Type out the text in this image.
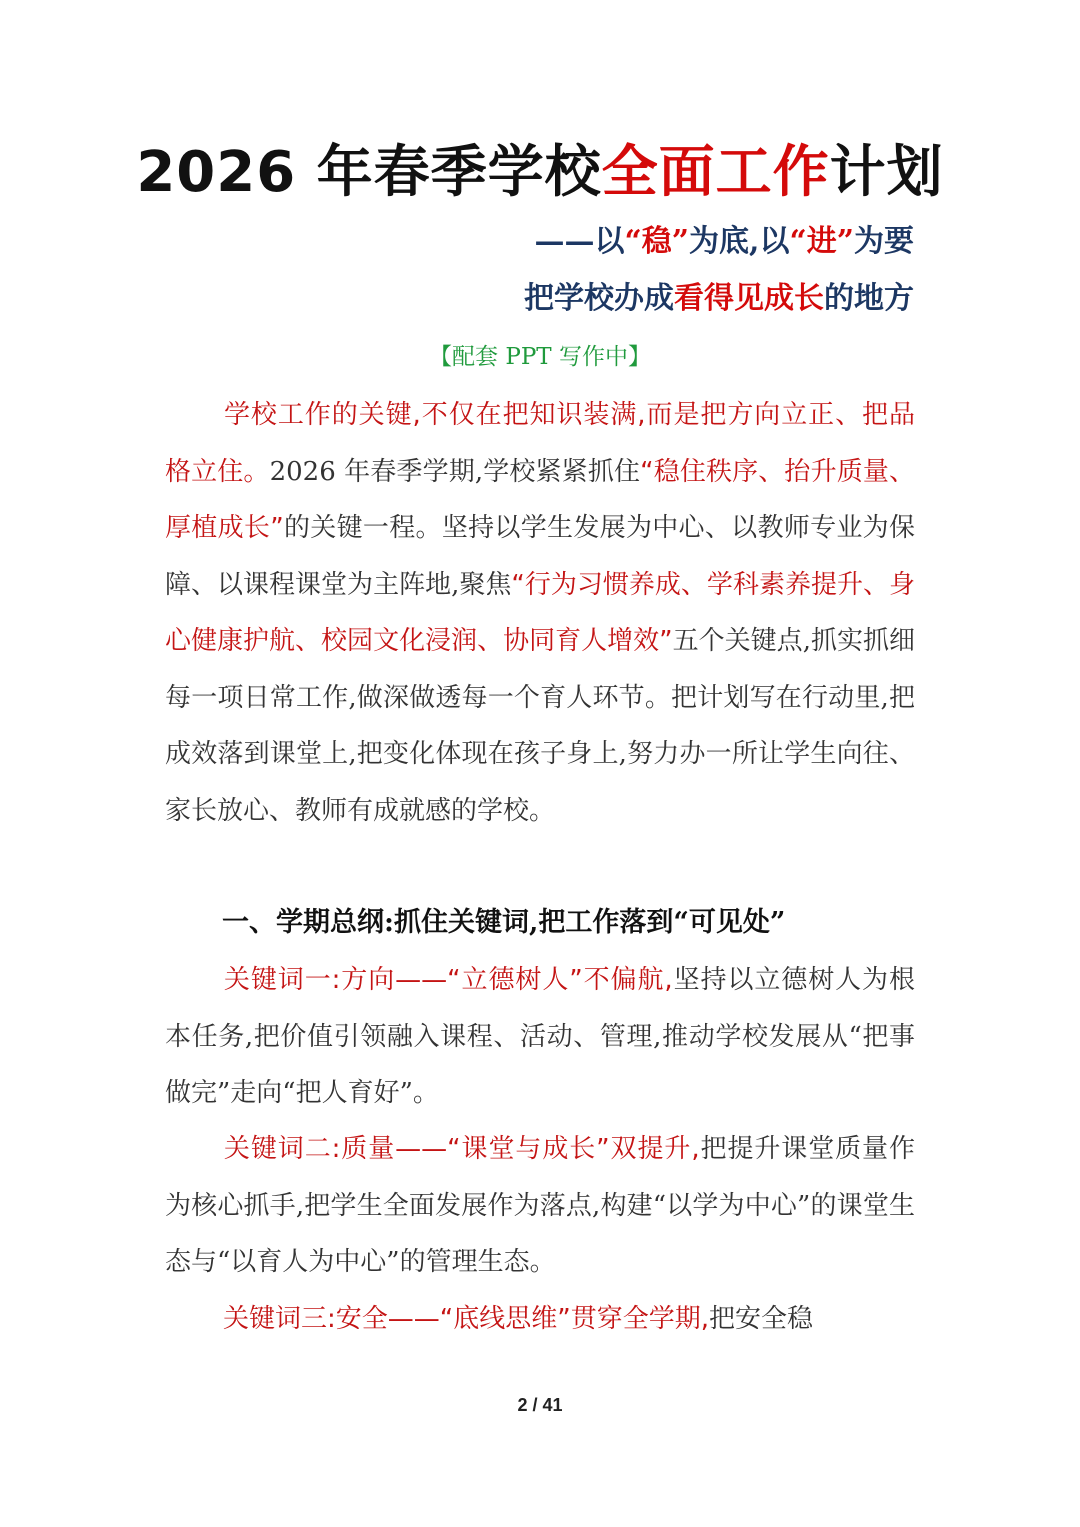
2026 年春季学校全面工作计划
——以“稳”为底,以“进”为要
把学校办成看得见成长的地方
【配套 PPT 写作中】
学校工作的关键,不仅在把知识装满,而是把方向立正、把品格立住。2026 年春季学期,学校紧紧抓住“稳住秩序、抬升质量、厚植成长”的关键一程。坚持以学生发展为中心、以教师专业为保障、以课程课堂为主阵地,聚焦“行为习惯养成、学科素养提升、身心健康护航、校园文化浸润、协同育人增效”五个关键点,抓实抓细每一项日常工作,做深做透每一个育人环节。把计划写在行动里,把成效落到课堂上,把变化体现在孩子身上,努力办一所让学生向往、家长放心、教师有成就感的学校。
一、学期总纲:抓住关键词,把工作落到“可见处”
关键词一:方向——“立德树人”不偏航,坚持以立德树人为根本任务,把价值引领融入课程、活动、管理,推动学校发展从“把事做完”走向“把人育好”。
关键词二:质量——“课堂与成长”双提升,把提升课堂质量作为核心抓手,把学生全面发展作为落点,构建“以学为中心”的课堂生态与“以育人为中心”的管理生态。
关键词三:安全——“底线思维”贯穿全学期,把安全稳
2 / 41
